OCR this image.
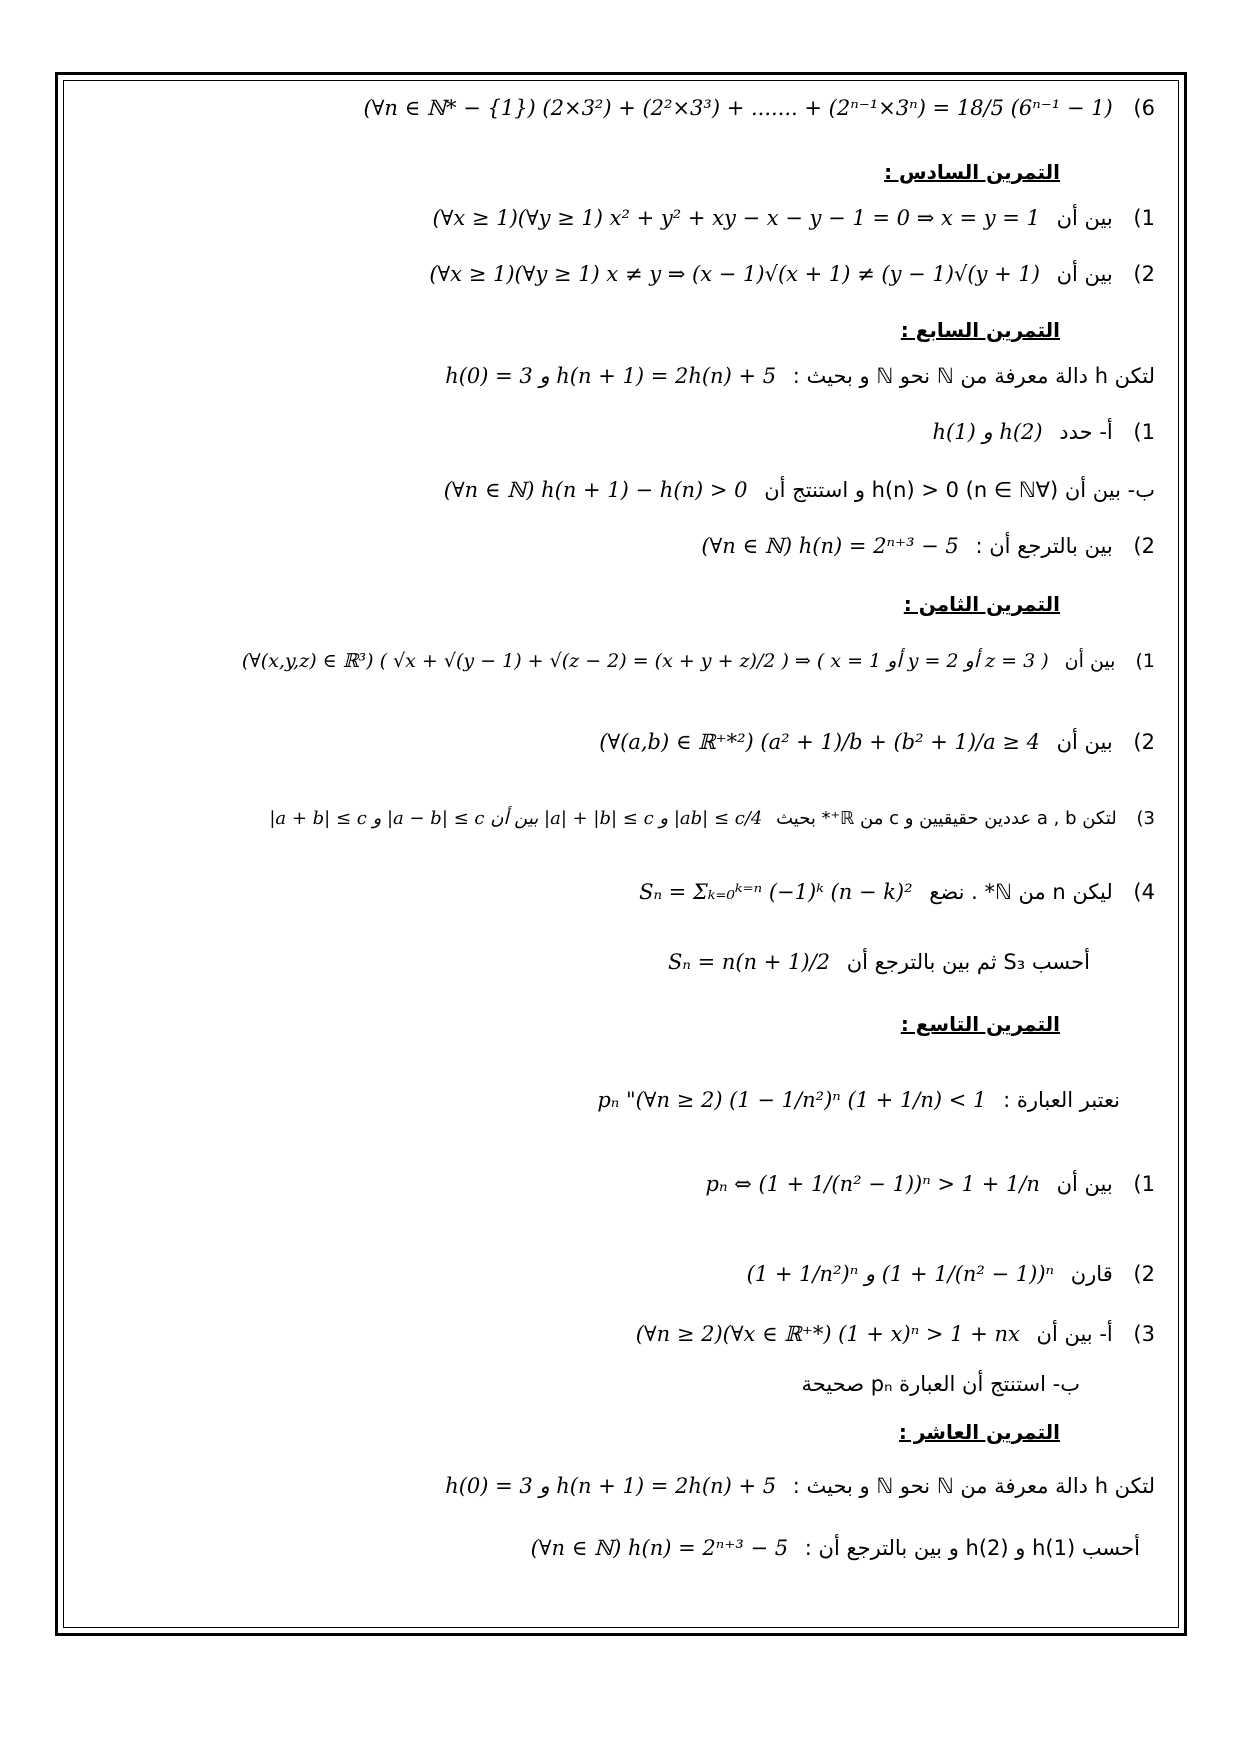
6) (∀n ∈ ℕ* − {1}) (2×3²) + (2²×3³) + ....... + (2ⁿ⁻¹×3ⁿ) = 18/5 (6ⁿ⁻¹ − 1)
التمرين السادس :
1) بين أن (∀x ≥ 1)(∀y ≥ 1) x² + y² + xy − x − y − 1 = 0 ⇒ x = y = 1
2) بين أن (∀x ≥ 1)(∀y ≥ 1) x ≠ y ⇒ (x − 1)√(x + 1) ≠ (y − 1)√(y + 1)
التمرين السابع :
لتكن h دالة معرفة من ℕ نحو ℕ و بحيث : h(0) = 3 و h(n + 1) = 2h(n) + 5
1) أ- حدد h(1) و h(2)
ب- بين أن (∀n ∈ ℕ) h(n) > 0 و استنتج أن (∀n ∈ ℕ) h(n + 1) − h(n) > 0
2) بين بالترجع أن : (∀n ∈ ℕ) h(n) = 2ⁿ⁺³ − 5
التمرين الثامن :
1) بين أن (∀(x,y,z) ∈ ℝ³) ( √x + √(y − 1) + √(z − 2) = (x + y + z)/2 ) ⇒ ( x = 1 أو y = 2 أو z = 3 )
2) بين أن (∀(a,b) ∈ ℝ⁺*²) (a² + 1)/b + (b² + 1)/a ≥ 4
3) لتكن a , b عددين حقيقيين و c من ℝ⁺* بحيث |a + b| ≤ c و |a − b| ≤ c بين أن |a| + |b| ≤ c و |ab| ≤ c/4
4) ليكن n من ℕ* . نضع Sₙ = Σₖ₌₀ᵏ⁼ⁿ (−1)ᵏ (n − k)²
أحسب S₃ ثم بين بالترجع أن Sₙ = n(n + 1)/2
التمرين التاسع :
نعتبر العبارة : pₙ "(∀n ≥ 2) (1 − 1/n²)ⁿ (1 + 1/n) < 1
1) بين أن pₙ ⇔ (1 + 1/(n² − 1))ⁿ > 1 + 1/n
2) قارن (1 + 1/n²)ⁿ و (1 + 1/(n² − 1))ⁿ
3) أ- بين أن (∀n ≥ 2)(∀x ∈ ℝ⁺*) (1 + x)ⁿ > 1 + nx
ب- استنتج أن العبارة pₙ صحيحة
التمرين العاشر :
لتكن h دالة معرفة من ℕ نحو ℕ و بحيث : h(0) = 3 و h(n + 1) = 2h(n) + 5
أحسب h(1) و h(2) و بين بالترجع أن : (∀n ∈ ℕ) h(n) = 2ⁿ⁺³ − 5
